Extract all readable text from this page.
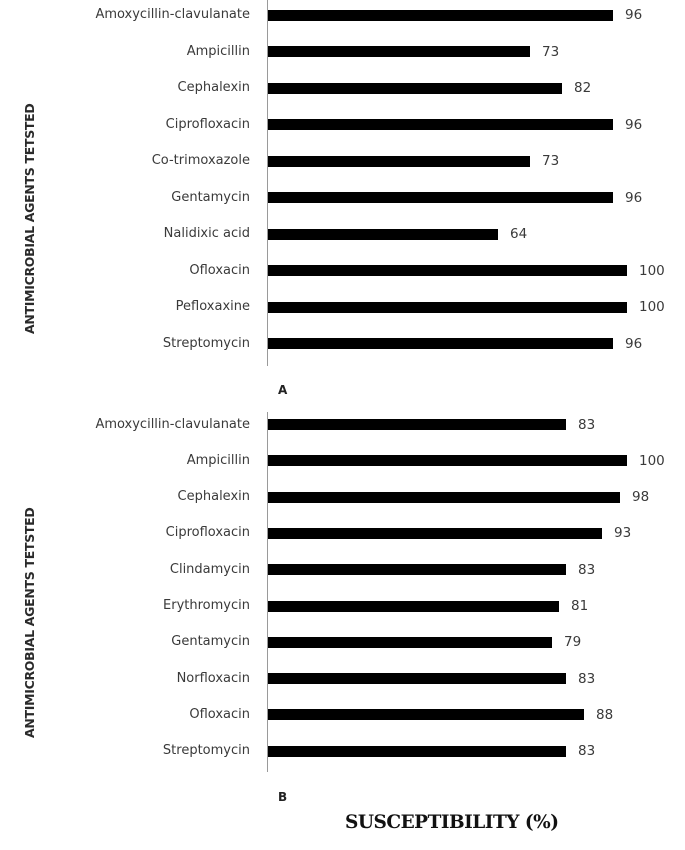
ANTIMICROBIAL AGENTS TETSTED
Amoxycillin-clavulanate	96
Ampicillin	73
Cephalexin	82
Ciprofloxacin	96
Co-trimoxazole	73
Gentamycin	96
Nalidixic acid	64
Ofloxacin	100
Pefloxaxine	100
Streptomycin	96
A
ANTIMICROBIAL AGENTS TETSTED
Amoxycillin-clavulanate	83
Ampicillin	100
Cephalexin	98
Ciprofloxacin	93
Clindamycin	83
Erythromycin	81
Gentamycin	79
Norfloxacin	83
Ofloxacin	88
Streptomycin	83
B
SUSCEPTIBILITY (%)
